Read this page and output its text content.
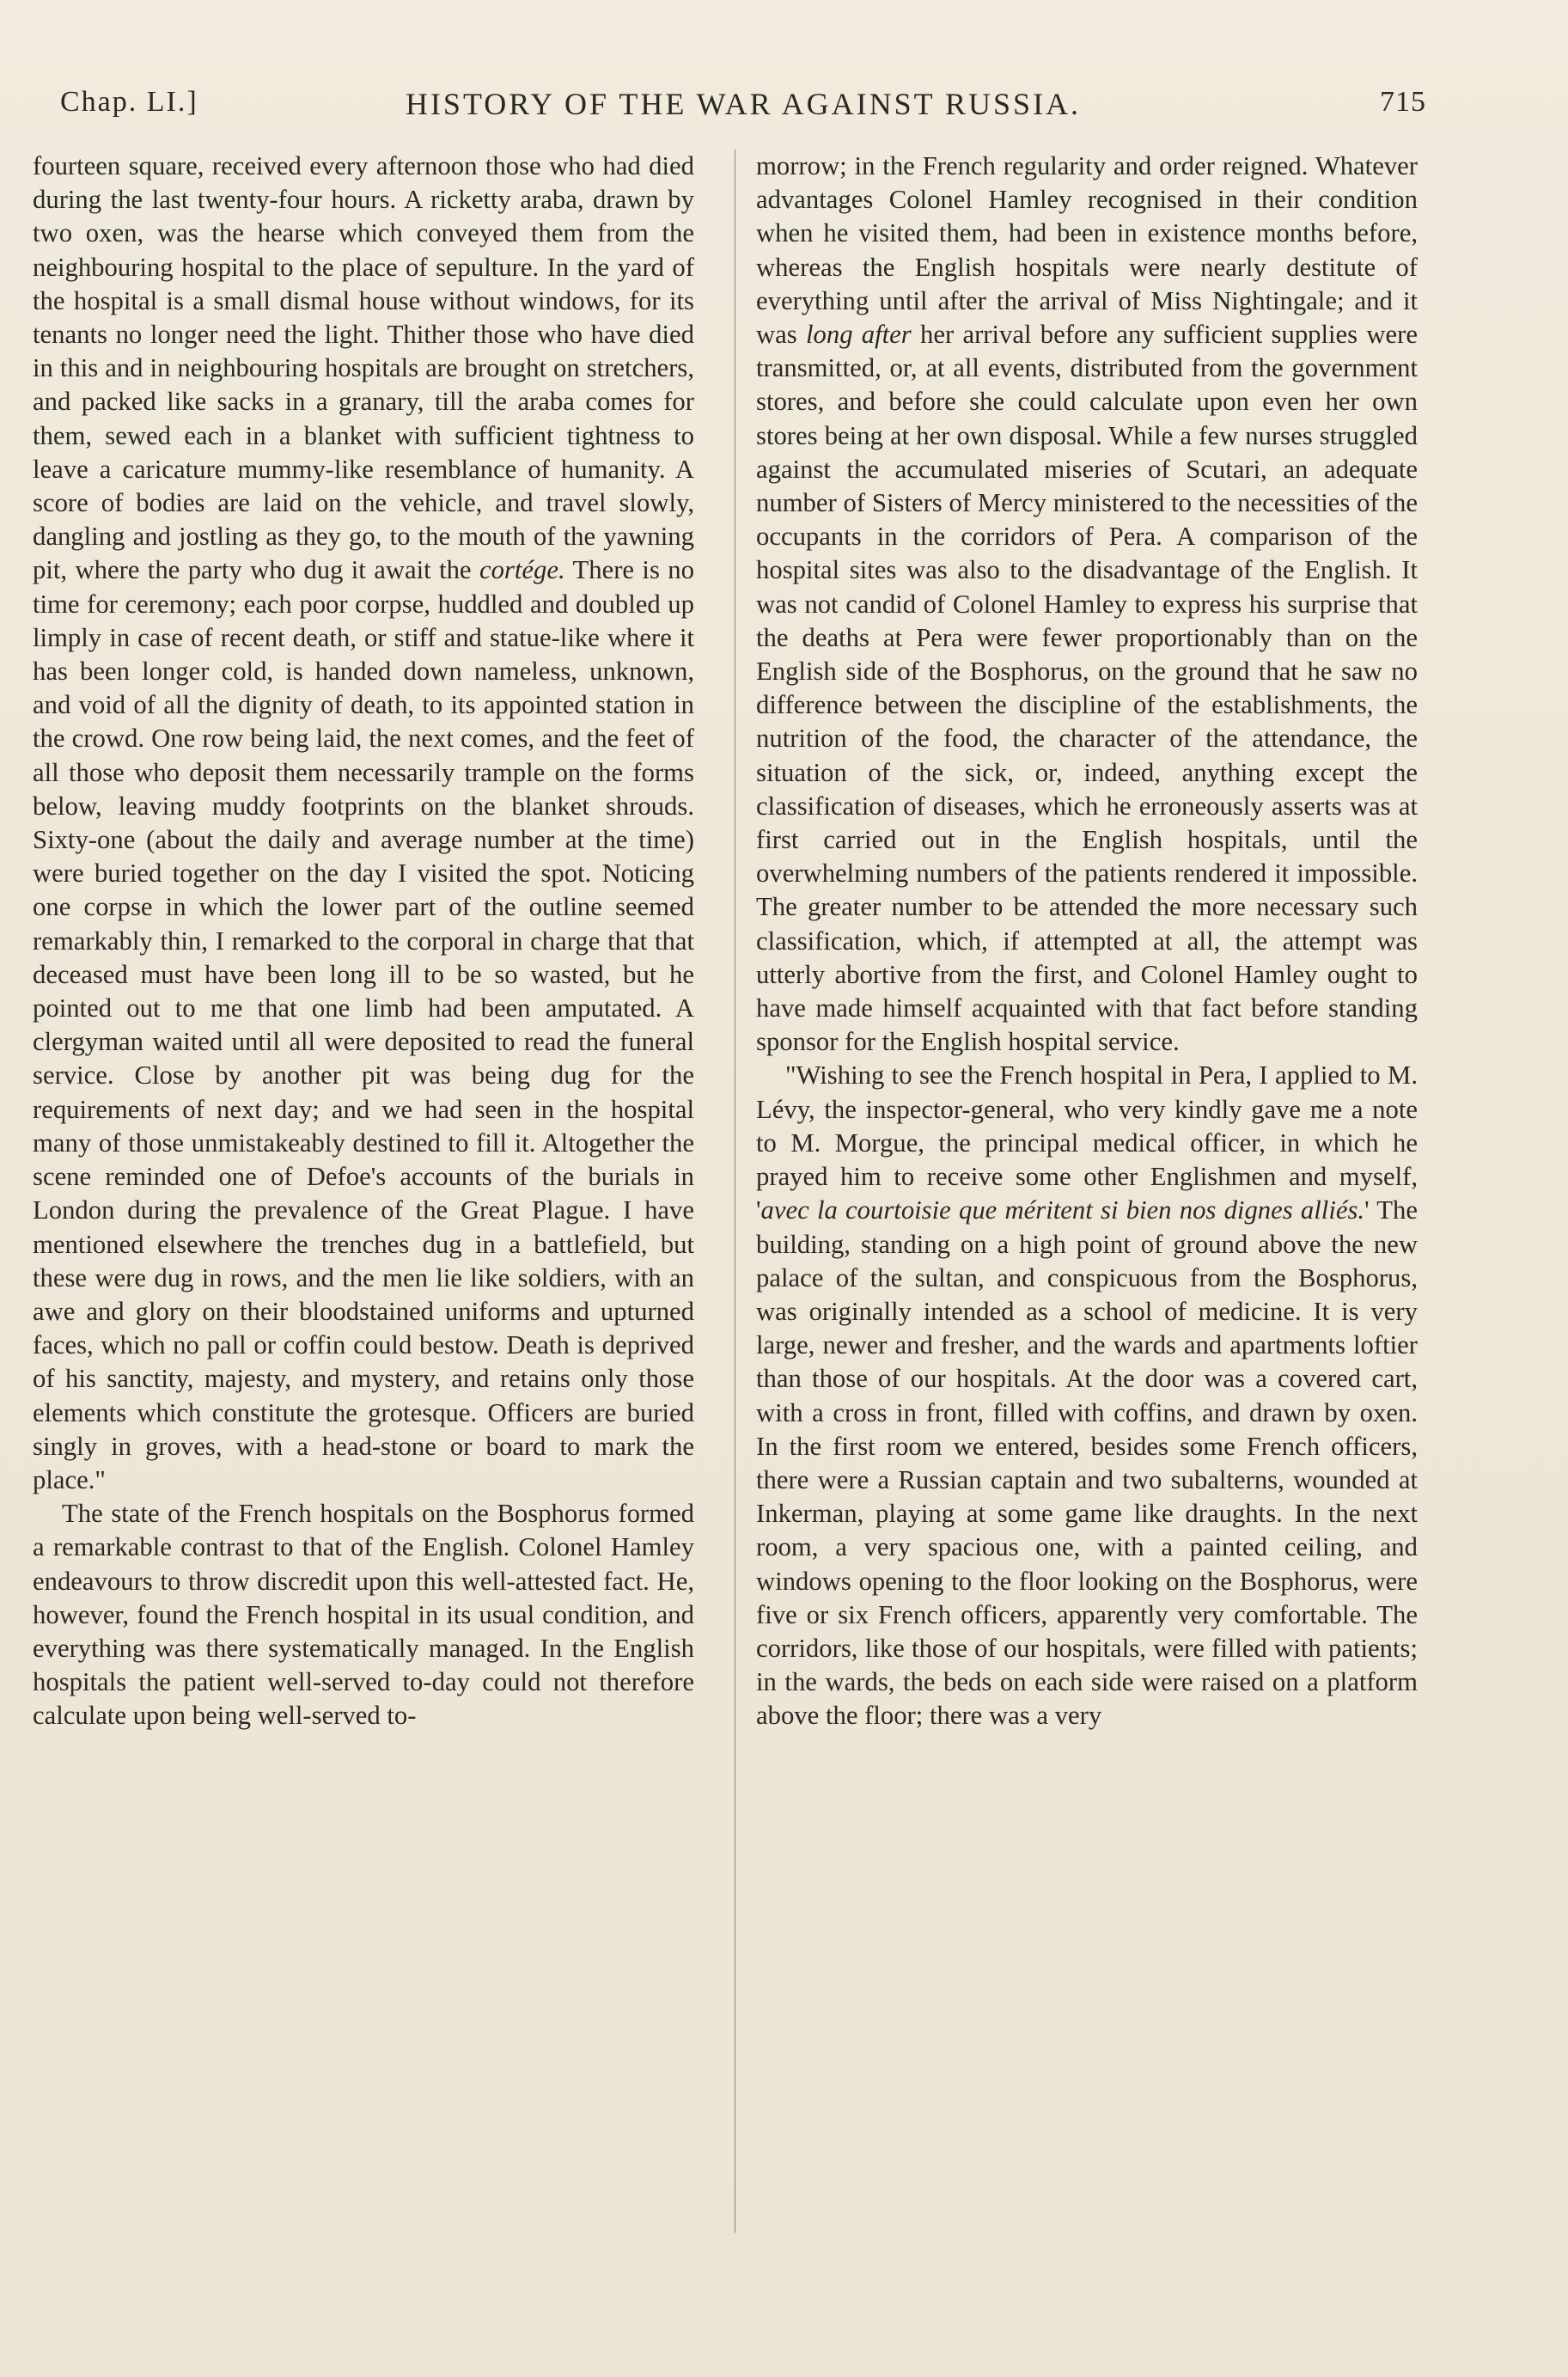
Chap. LI.]	HISTORY OF THE WAR AGAINST RUSSIA.	715

fourteen square, received every afternoon those who had died during the last twenty-four hours. A ricketty araba, drawn by two oxen, was the hearse which conveyed them from the neighbouring hospital to the place of sepulture. In the yard of the hospital is a small dismal house without windows, for its tenants no longer need the light. Thither those who have died in this and in neighbouring hospitals are brought on stretchers, and packed like sacks in a granary, till the araba comes for them, sewed each in a blanket with sufficient tightness to leave a caricature mummy-like resemblance of humanity. A score of bodies are laid on the vehicle, and travel slowly, dangling and jostling as they go, to the mouth of the yawning pit, where the party who dug it await the cortége. There is no time for ceremony; each poor corpse, huddled and doubled up limply in case of recent death, or stiff and statue-like where it has been longer cold, is handed down nameless, unknown, and void of all the dignity of death, to its appointed station in the crowd. One row being laid, the next comes, and the feet of all those who deposit them necessarily trample on the forms below, leaving muddy footprints on the blanket shrouds. Sixty-one (about the daily and average number at the time) were buried together on the day I visited the spot. Noticing one corpse in which the lower part of the outline seemed remarkably thin, I remarked to the corporal in charge that that deceased must have been long ill to be so wasted, but he pointed out to me that one limb had been amputated. A clergyman waited until all were deposited to read the funeral service. Close by another pit was being dug for the requirements of next day; and we had seen in the hospital many of those unmistakeably destined to fill it. Altogether the scene reminded one of Defoe's accounts of the burials in London during the prevalence of the Great Plague. I have mentioned elsewhere the trenches dug in a battlefield, but these were dug in rows, and the men lie like soldiers, with an awe and glory on their bloodstained uniforms and upturned faces, which no pall or coffin could bestow. Death is deprived of his sanctity, majesty, and mystery, and retains only those elements which constitute the grotesque. Officers are buried singly in groves, with a head-stone or board to mark the place."

The state of the French hospitals on the Bosphorus formed a remarkable contrast to that of the English. Colonel Hamley endeavours to throw discredit upon this well-attested fact. He, however, found the French hospital in its usual condition, and everything was there systematically managed. In the English hospitals the patient well-served to-day could not therefore calculate upon being well-served to-

morrow; in the French regularity and order reigned. Whatever advantages Colonel Hamley recognised in their condition when he visited them, had been in existence months before, whereas the English hospitals were nearly destitute of everything until after the arrival of Miss Nightingale; and it was long after her arrival before any sufficient supplies were transmitted, or, at all events, distributed from the government stores, and before she could calculate upon even her own stores being at her own disposal. While a few nurses struggled against the accumulated miseries of Scutari, an adequate number of Sisters of Mercy ministered to the necessities of the occupants in the corridors of Pera. A comparison of the hospital sites was also to the disadvantage of the English. It was not candid of Colonel Hamley to express his surprise that the deaths at Pera were fewer proportionably than on the English side of the Bosphorus, on the ground that he saw no difference between the discipline of the establishments, the nutrition of the food, the character of the attendance, the situation of the sick, or, indeed, anything except the classification of diseases, which he erroneously asserts was at first carried out in the English hospitals, until the overwhelming numbers of the patients rendered it impossible. The greater number to be attended the more necessary such classification, which, if attempted at all, the attempt was utterly abortive from the first, and Colonel Hamley ought to have made himself acquainted with that fact before standing sponsor for the English hospital service.

"Wishing to see the French hospital in Pera, I applied to M. Lévy, the inspector-general, who very kindly gave me a note to M. Morgue, the principal medical officer, in which he prayed him to receive some other Englishmen and myself, 'avec la courtoisie que méritent si bien nos dignes alliés.' The building, standing on a high point of ground above the new palace of the sultan, and conspicuous from the Bosphorus, was originally intended as a school of medicine. It is very large, newer and fresher, and the wards and apartments loftier than those of our hospitals. At the door was a covered cart, with a cross in front, filled with coffins, and drawn by oxen. In the first room we entered, besides some French officers, there were a Russian captain and two subalterns, wounded at Inkerman, playing at some game like draughts. In the next room, a very spacious one, with a painted ceiling, and windows opening to the floor looking on the Bosphorus, were five or six French officers, apparently very comfortable. The corridors, like those of our hospitals, were filled with patients; in the wards, the beds on each side were raised on a platform above the floor; there was a very
